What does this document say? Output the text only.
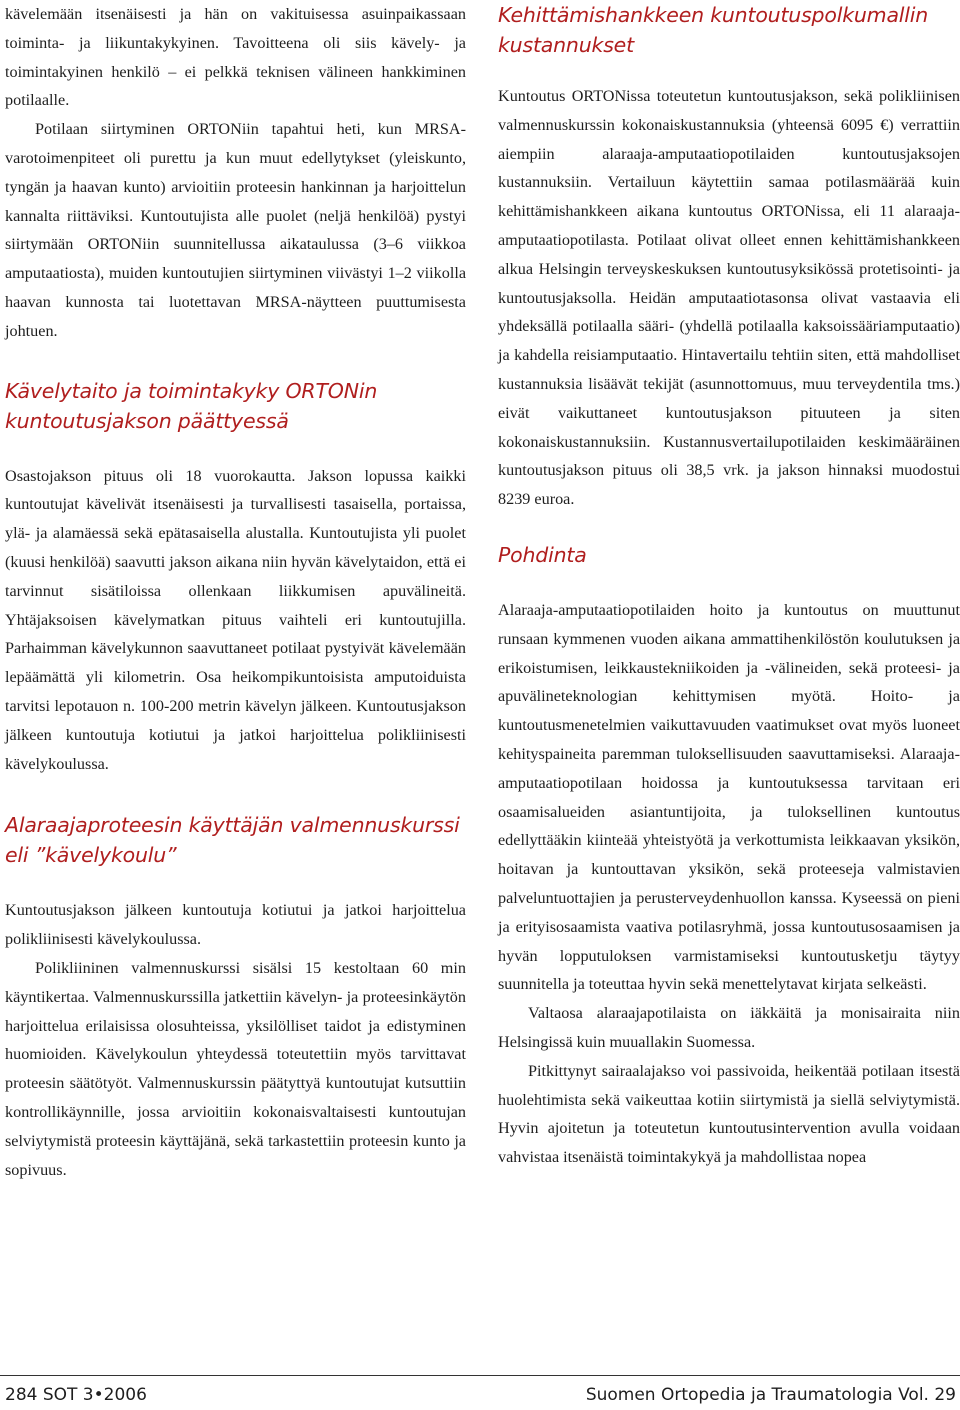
kävelemään itsenäisesti ja hän on vakituisessa asuinpaikassaan toiminta- ja liikuntakykyinen. Tavoitteena oli siis kävely- ja toimintakyinen henkilö – ei pelkkä teknisen välineen hankkiminen potilaalle.

Potilaan siirtyminen ORTONiin tapahtui heti, kun MRSA-varotoimenpiteet oli purettu ja kun muut edellytykset (yleiskunto, tyngän ja haavan kunto) arvioitiin proteesin hankinnan ja harjoittelun kannalta riittäviksi. Kuntoutujista alle puolet (neljä henkilöä) pystyi siirtymään ORTONiin suunnitellussa aikataulussa (3–6 viikkoa amputaatiosta), muiden kuntoutujien siirtyminen viivästyi 1–2 viikolla haavan kunnosta tai luotettavan MRSA-näytteen puuttumisesta johtuen.

Kävelytaito ja toimintakyky ORTONin kuntoutusjakson päättyessä

Osastojakson pituus oli 18 vuorokautta. Jakson lopussa kaikki kuntoutujat kävelivät itsenäisesti ja turvallisesti tasaisella, portaissa, ylä- ja alamäessä sekä epätasaisella alustalla. Kuntoutujista yli puolet (kuusi henkilöä) saavutti jakson aikana niin hyvän kävelytaidon, että ei tarvinnut sisätiloissa ollenkaan liikkumisen apuvälineitä. Yhtäjaksoisen kävelymatkan pituus vaihteli eri kuntoutujilla. Parhaimman kävelykunnon saavuttaneet potilaat pystyivät kävelemään lepäämättä yli kilometrin. Osa heikompikuntoisista amputoiduista tarvitsi lepotauon n. 100-200 metrin kävelyn jälkeen. Kuntoutusjakson jälkeen kuntoutuja kotiutui ja jatkoi harjoittelua polikliinisesti kävelykoulussa.

Alaraajaproteesin käyttäjän valmennuskurssi eli ”kävelykoulu”

Kuntoutusjakson jälkeen kuntoutuja kotiutui ja jatkoi harjoittelua polikliinisesti kävelykoulussa.

Polikliininen valmennuskurssi sisälsi 15 kestoltaan 60 min käyntikertaa. Valmennuskurssilla jatkettiin kävelyn- ja proteesinkäytön harjoittelua erilaisissa olosuhteissa, yksilölliset taidot ja edistyminen huomioiden. Kävelykoulun yhteydessä toteutettiin myös tarvittavat proteesin säätötyöt. Valmennuskurssin päätyttyä kuntoutujat kutsuttiin kontrollikäynnille, jossa arvioitiin kokonaisvaltaisesti kuntoutujan selviytymistä proteesin käyttäjänä, sekä tarkastettiin proteesin kunto ja sopivuus.

Kehittämishankkeen kuntoutuspolkumallin kustannukset

Kuntoutus ORTONissa toteutetun kuntoutusjakson, sekä polikliinisen valmennuskurssin kokonaiskustannuksia (yhteensä 6095 €) verrattiin aiempiin alaraaja-amputaatiopotilaiden kuntoutusjaksojen kustannuksiin. Vertailuun käytettiin samaa potilasmäärää kuin kehittämishankkeen aikana kuntoutus ORTONissa, eli 11 alaraaja-amputaatiopotilasta. Potilaat olivat olleet ennen kehittämishankkeen alkua Helsingin terveyskeskuksen kuntoutusyksikössä protetisointi- ja kuntoutusjaksolla. Heidän amputaatiotasonsa olivat vastaavia eli yhdeksällä potilaalla sääri- (yhdellä potilaalla kaksoissääriamputaatio) ja kahdella reisiamputaatio. Hintavertailu tehtiin siten, että mahdolliset kustannuksia lisäävät tekijät (asunnottomuus, muu terveydentila tms.) eivät vaikuttaneet kuntoutusjakson pituuteen ja siten kokonaiskustannuksiin. Kustannusvertailupotilaiden keskimääräinen kuntoutusjakson pituus oli 38,5 vrk. ja jakson hinnaksi muodostui 8239 euroa.

Pohdinta

Alaraaja-amputaatiopotilaiden hoito ja kuntoutus on muuttunut runsaan kymmenen vuoden aikana ammattihenkilöstön koulutuksen ja erikoistumisen, leikkaustekniikoiden ja -välineiden, sekä proteesi- ja apuvälineteknologian kehittymisen myötä. Hoito- ja kuntoutusmenetelmien vaikuttavuuden vaatimukset ovat myös luoneet kehityspaineita paremman tuloksellisuuden saavuttamiseksi. Alaraaja-amputaatiopotilaan hoidossa ja kuntoutuksessa tarvitaan eri osaamisalueiden asiantuntijoita, ja tuloksellinen kuntoutus edellyttääkin kiinteää yhteistyötä ja verkottumista leikkaavan yksikön, hoitavan ja kuntouttavan yksikön, sekä proteeseja valmistavien palveluntuottajien ja perusterveydenhuollon kanssa. Kyseessä on pieni ja erityisosaamista vaativa potilasryhmä, jossa kuntoutusosaamisen ja hyvän lopputuloksen varmistamiseksi kuntoutusketju täytyy suunnitella ja toteuttaa hyvin sekä menettelytavat kirjata selkeästi.

Valtaosa alaraajapotilaista on iäkkäitä ja monisairaita niin Helsingissä kuin muuallakin Suomessa.

Pitkittynyt sairaalajakso voi passivoida, heikentää potilaan itsestä huolehtimista sekä vaikeuttaa kotiin siirtymistä ja siellä selviytymistä. Hyvin ajoitetun ja toteutetun kuntoutusintervention avulla voidaan vahvistaa itsenäistä toimintakykyä ja mahdollistaa nopea

284 SOT 3•2006	Suomen Ortopedia ja Traumatologia Vol. 29
